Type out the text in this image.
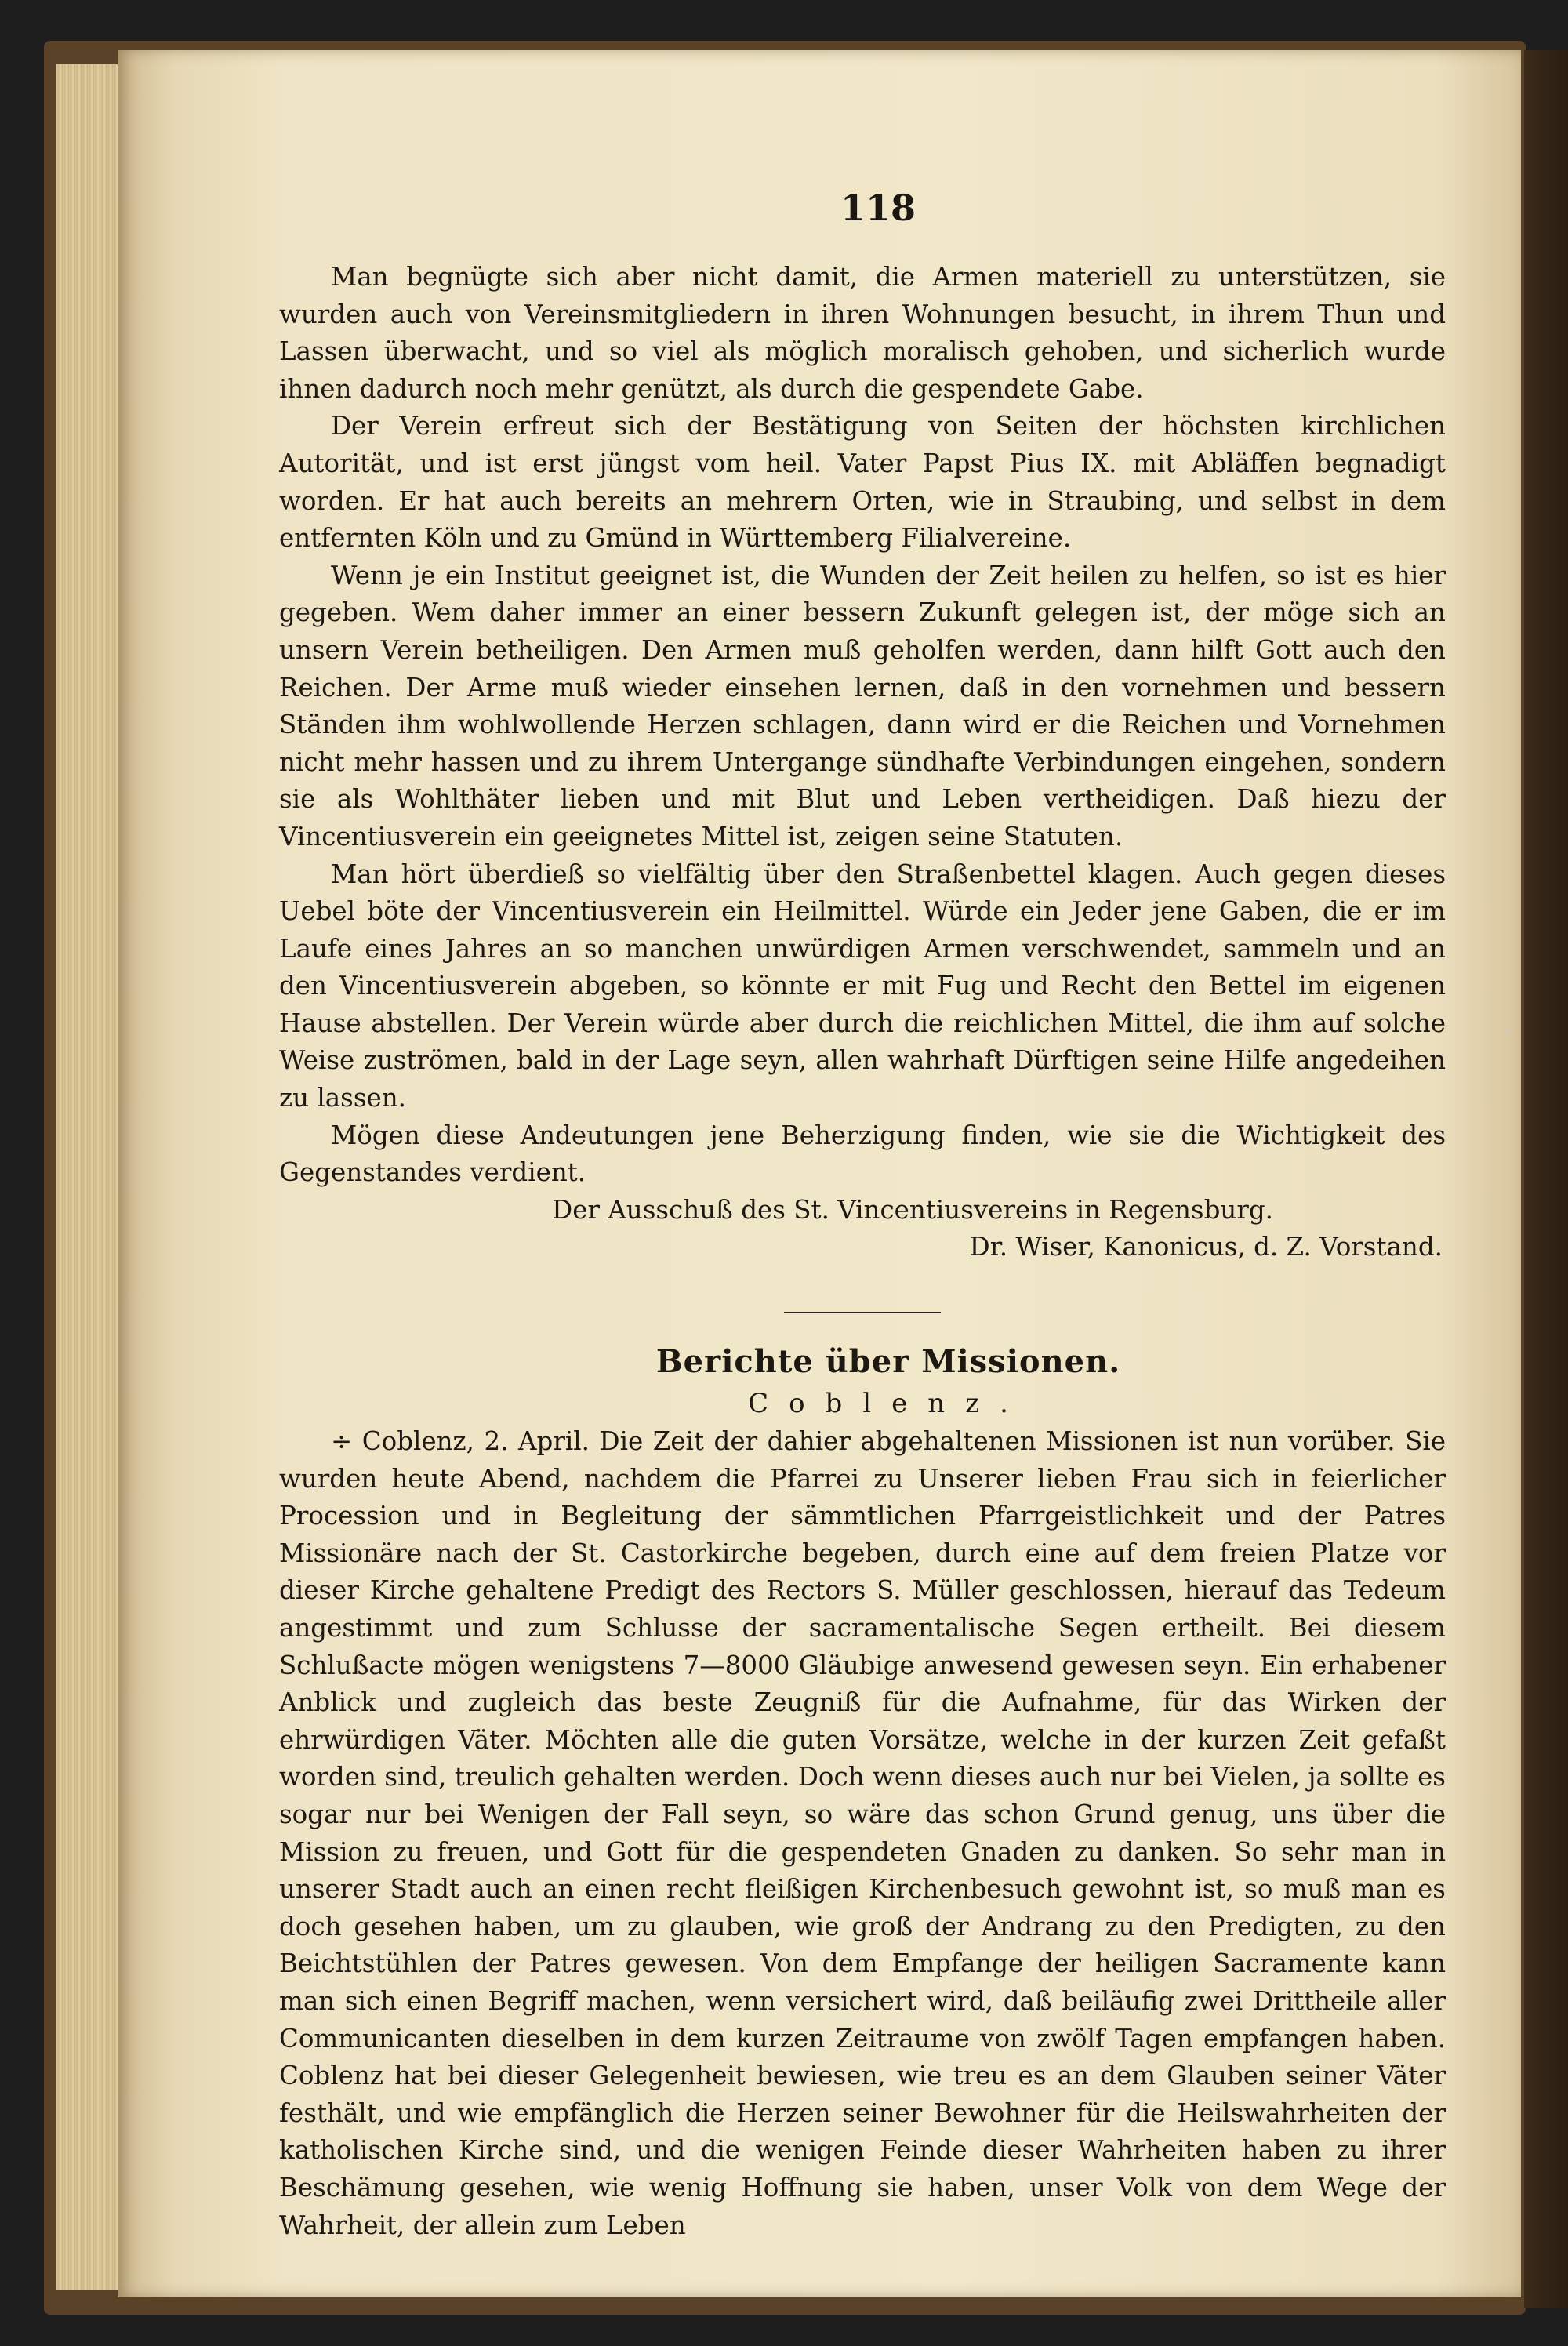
118

Man begnügte sich aber nicht damit, die Armen materiell zu unterstützen, sie wurden auch von Vereinsmitgliedern in ihren Wohnungen besucht, in ihrem Thun und Lassen überwacht, und so viel als möglich moralisch gehoben, und sicherlich wurde ihnen dadurch noch mehr genützt, als durch die gespendete Gabe.

Der Verein erfreut sich der Bestätigung von Seiten der höchsten kirchlichen Autorität, und ist erst jüngst vom heil. Vater Papst Pius IX. mit Abläffen begnadigt worden. Er hat auch bereits an mehrern Orten, wie in Straubing, und selbst in dem entfernten Köln und zu Gmünd in Württemberg Filialvereine.

Wenn je ein Institut geeignet ist, die Wunden der Zeit heilen zu helfen, so ist es hier gegeben. Wem daher immer an einer bessern Zukunft gelegen ist, der möge sich an unsern Verein betheiligen. Den Armen muß geholfen werden, dann hilft Gott auch den Reichen. Der Arme muß wieder einsehen lernen, daß in den vornehmen und bessern Ständen ihm wohlwollende Herzen schlagen, dann wird er die Reichen und Vornehmen nicht mehr hassen und zu ihrem Untergange sündhafte Verbindungen eingehen, sondern sie als Wohlthäter lieben und mit Blut und Leben vertheidigen. Daß hiezu der Vincentiusverein ein geeignetes Mittel ist, zeigen seine Statuten.

Man hört überdieß so vielfältig über den Straßenbettel klagen. Auch gegen dieses Uebel böte der Vincentiusverein ein Heilmittel. Würde ein Jeder jene Gaben, die er im Laufe eines Jahres an so manchen unwürdigen Armen verschwendet, sammeln und an den Vincentiusverein abgeben, so könnte er mit Fug und Recht den Bettel im eigenen Hause abstellen. Der Verein würde aber durch die reichlichen Mittel, die ihm auf solche Weise zuströmen, bald in der Lage seyn, allen wahrhaft Dürftigen seine Hilfe angedeihen zu lassen.

Mögen diese Andeutungen jene Beherzigung finden, wie sie die Wichtigkeit des Gegenstandes verdient.

Der Ausschuß des St. Vincentiusvereins in Regensburg.

Dr. Wiser, Kanonicus, d. Z. Vorstand.

Berichte über Missionen.

Coblenz.

÷ Coblenz, 2. April. Die Zeit der dahier abgehaltenen Missionen ist nun vorüber. Sie wurden heute Abend, nachdem die Pfarrei zu Unserer lieben Frau sich in feierlicher Procession und in Begleitung der sämmtlichen Pfarrgeistlichkeit und der Patres Missionäre nach der St. Castorkirche begeben, durch eine auf dem freien Platze vor dieser Kirche gehaltene Predigt des Rectors S. Müller geschlossen, hierauf das Tedeum angestimmt und zum Schlusse der sacramentalische Segen ertheilt. Bei diesem Schlußacte mögen wenigstens 7—8000 Gläubige anwesend gewesen seyn. Ein erhabener Anblick und zugleich das beste Zeugniß für die Aufnahme, für das Wirken der ehrwürdigen Väter. Möchten alle die guten Vorsätze, welche in der kurzen Zeit gefaßt worden sind, treulich gehalten werden. Doch wenn dieses auch nur bei Vielen, ja sollte es sogar nur bei Wenigen der Fall seyn, so wäre das schon Grund genug, uns über die Mission zu freuen, und Gott für die gespendeten Gnaden zu danken. So sehr man in unserer Stadt auch an einen recht fleißigen Kirchenbesuch gewohnt ist, so muß man es doch gesehen haben, um zu glauben, wie groß der Andrang zu den Predigten, zu den Beichtstühlen der Patres gewesen. Von dem Empfange der heiligen Sacramente kann man sich einen Begriff machen, wenn versichert wird, daß beiläufig zwei Drittheile aller Communicanten dieselben in dem kurzen Zeitraume von zwölf Tagen empfangen haben. Coblenz hat bei dieser Gelegenheit bewiesen, wie treu es an dem Glauben seiner Väter festhält, und wie empfänglich die Herzen seiner Bewohner für die Heilswahrheiten der katholischen Kirche sind, und die wenigen Feinde dieser Wahrheiten haben zu ihrer Beschämung gesehen, wie wenig Hoffnung sie haben, unser Volk von dem Wege der Wahrheit, der allein zum Leben

›
